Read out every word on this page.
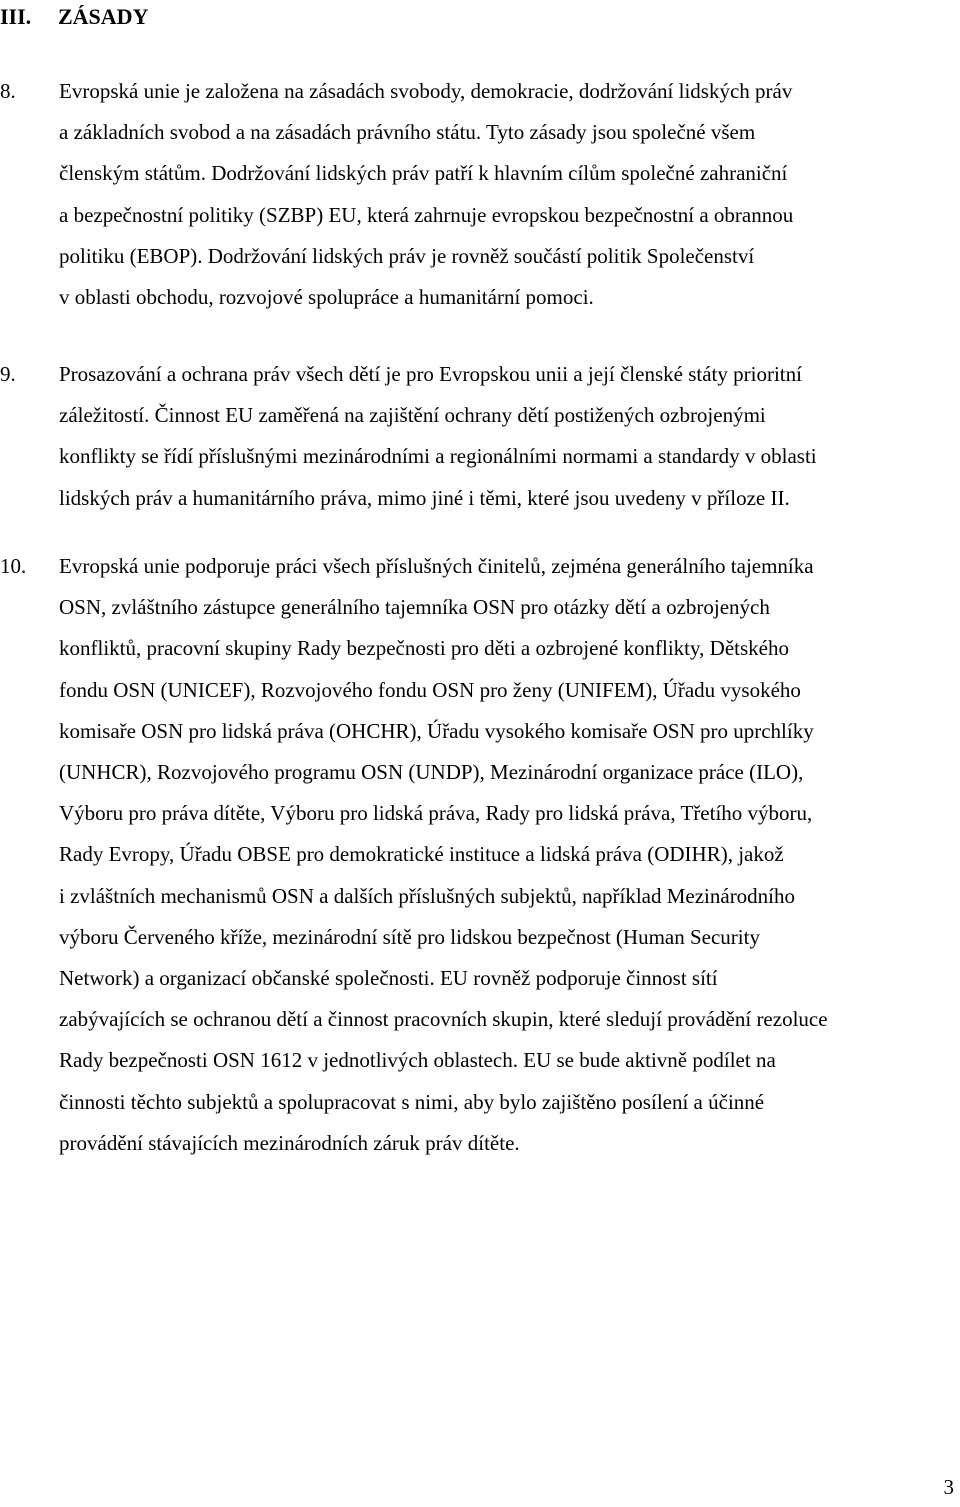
III. ZÁSADY
8. Evropská unie je založena na zásadách svobody, demokracie, dodržování lidských práv
a základních svobod a na zásadách právního státu. Tyto zásady jsou společné všem
členským státům. Dodržování lidských práv patří k hlavním cílům společné zahraniční
a bezpečnostní politiky (SZBP) EU, která zahrnuje evropskou bezpečnostní a obrannou
politiku (EBOP). Dodržování lidských práv je rovněž součástí politik Společenství
v oblasti obchodu, rozvojové spolupráce a humanitární pomoci.
9. Prosazování a ochrana práv všech dětí je pro Evropskou unii a její členské státy prioritní
záležitostí. Činnost EU zaměřená na zajištění ochrany dětí postižených ozbrojenými
konflikty se řídí příslušnými mezinárodními a regionálními normami a standardy v oblasti
lidských práv a humanitárního práva, mimo jiné i těmi, které jsou uvedeny v příloze II.
10. Evropská unie podporuje práci všech příslušných činitelů, zejména generálního tajemníka
OSN, zvláštního zástupce generálního tajemníka OSN pro otázky dětí a ozbrojených
konfliktů, pracovní skupiny Rady bezpečnosti pro děti a ozbrojené konflikty, Dětského
fondu OSN (UNICEF), Rozvojového fondu OSN pro ženy (UNIFEM), Úřadu vysokého
komisaře OSN pro lidská práva (OHCHR), Úřadu vysokého komisaře OSN pro uprchlíky
(UNHCR), Rozvojového programu OSN (UNDP), Mezinárodní organizace práce (ILO),
Výboru pro práva dítěte, Výboru pro lidská práva, Rady pro lidská práva, Třetího výboru,
Rady Evropy, Úřadu OBSE pro demokratické instituce a lidská práva (ODIHR), jakož
i zvláštních mechanismů OSN a dalších příslušných subjektů, například Mezinárodního
výboru Červeného kříže, mezinárodní sítě pro lidskou bezpečnost (Human Security
Network) a organizací občanské společnosti. EU rovněž podporuje činnost sítí
zabývajících se ochranou dětí a činnost pracovních skupin, které sledují provádění rezoluce
Rady bezpečnosti OSN 1612 v jednotlivých oblastech. EU se bude aktivně podílet na
činnosti těchto subjektů a spolupracovat s nimi, aby bylo zajištěno posílení a účinné
provádění stávajících mezinárodních záruk práv dítěte.
3
